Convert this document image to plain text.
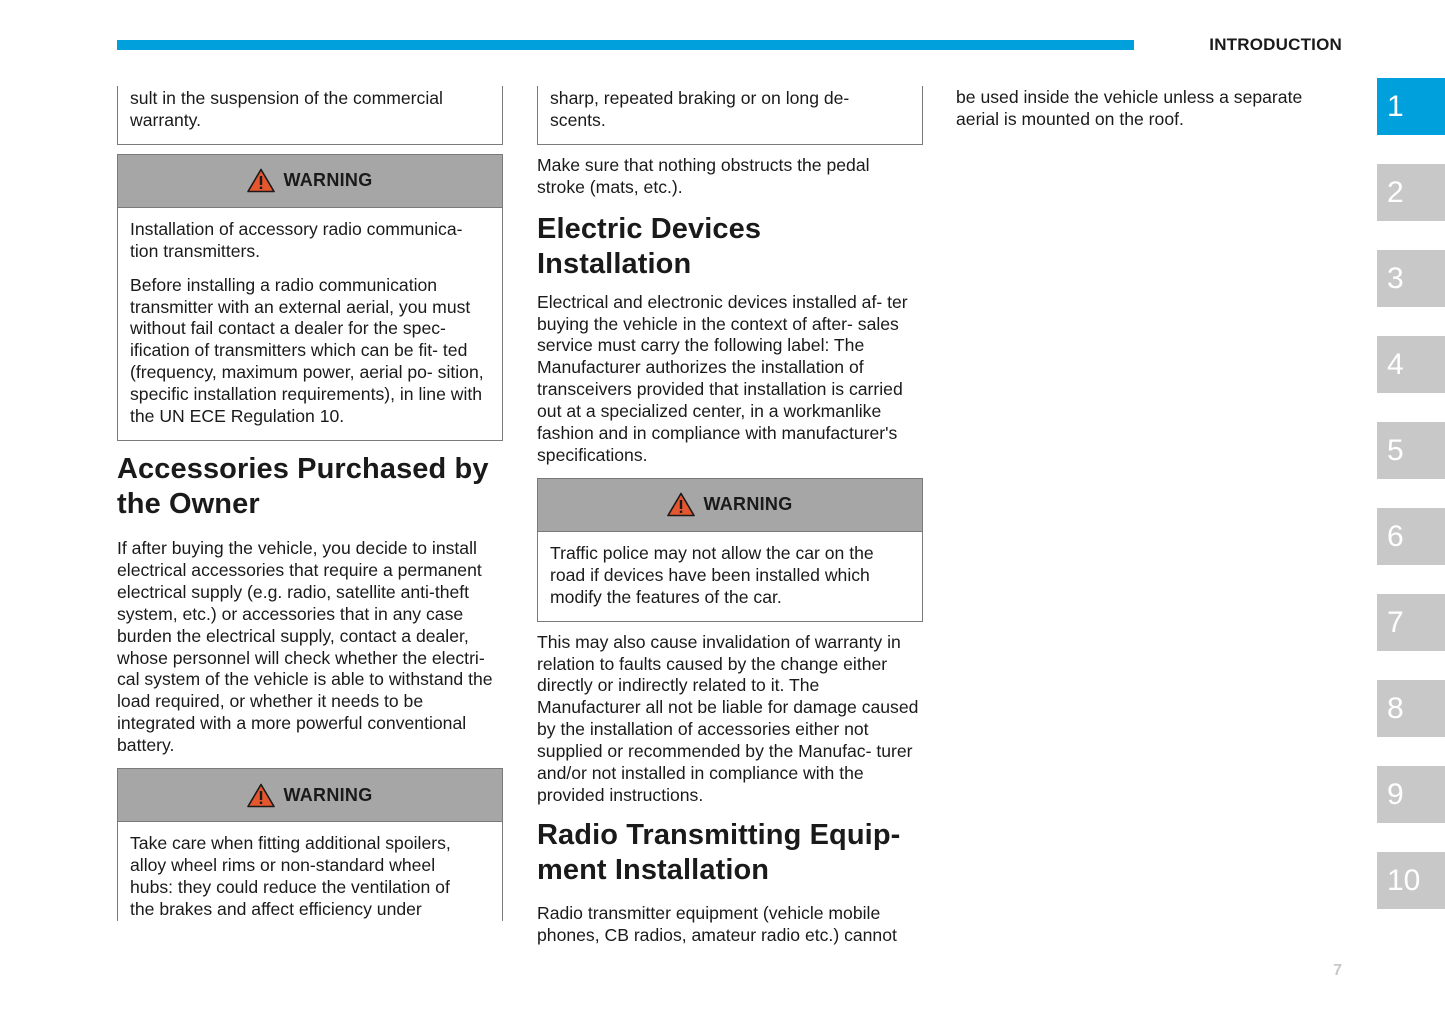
INTRODUCTION

sult in the suspension of the commercial warranty.

WARNING

Installation of accessory radio communica- tion transmitters.

Before installing a radio communication transmitter with an external aerial, you must without fail contact a dealer for the spec- ification of transmitters which can be fit- ted (frequency, maximum power, aerial po- sition, specific installation requirements), in line with the UN ECE Regulation 10.

Accessories Purchased by the Owner

If after buying the vehicle, you decide to install electrical accessories that require a permanent electrical supply (e.g. radio, satellite anti-theft system, etc.) or accessories that in any case burden the electrical supply, contact a dealer, whose personnel will check whether the electri- cal system of the vehicle is able to withstand the load required, or whether it needs to be integrated with a more powerful conventional battery.

WARNING

Take care when fitting additional spoilers, alloy wheel rims or non-standard wheel hubs: they could reduce the ventilation of the brakes and affect efficiency under

sharp, repeated braking or on long de- scents.

Make sure that nothing obstructs the pedal stroke (mats, etc.).

Electric Devices Installation

Electrical and electronic devices installed af- ter buying the vehicle in the context of after- sales service must carry the following label: The Manufacturer authorizes the installation of transceivers provided that installation is carried out at a specialized center, in a workmanlike fashion and in compliance with manufacturer's specifications.

WARNING

Traffic police may not allow the car on the road if devices have been installed which modify the features of the car.

This may also cause invalidation of warranty in relation to faults caused by the change either directly or indirectly related to it. The Manufacturer all not be liable for damage caused by the installation of accessories either not supplied or recommended by the Manufac- turer and/or not installed in compliance with the provided instructions.

Radio Transmitting Equip- ment Installation

Radio transmitter equipment (vehicle mobile phones, CB radios, amateur radio etc.) cannot

be used inside the vehicle unless a separate aerial is mounted on the roof.	1
2
3
4
5
6
7
8
9
10
7
